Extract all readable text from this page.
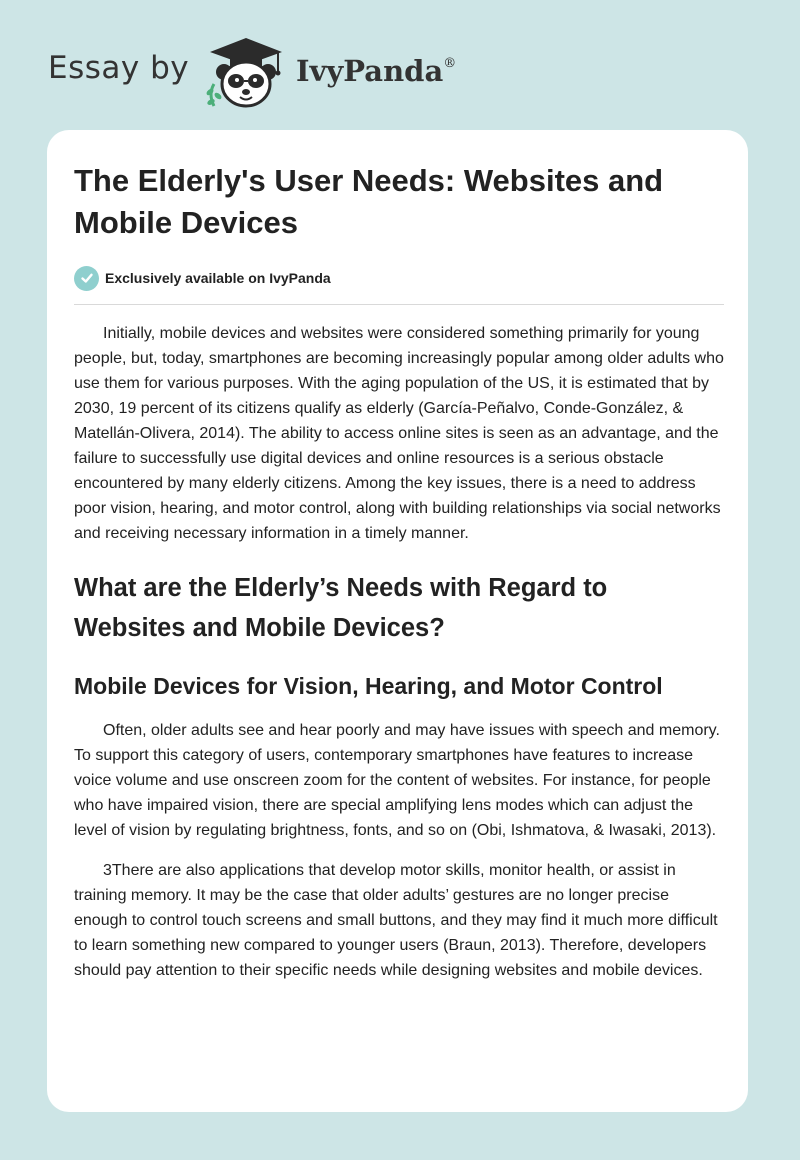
Essay by	IvyPanda®
The Elderly's User Needs: Websites and Mobile Devices
Exclusively available on IvyPanda

Initially, mobile devices and websites were considered something primarily for young people, but, today, smartphones are becoming increasingly popular among older adults who use them for various purposes. With the aging population of the US, it is estimated that by 2030, 19 percent of its citizens qualify as elderly (García-Peñalvo, Conde-González, & Matellán-Olivera, 2014). The ability to access online sites is seen as an advantage, and the failure to successfully use digital devices and online resources is a serious obstacle encountered by many elderly citizens. Among the key issues, there is a need to address poor vision, hearing, and motor control, along with building relationships via social networks and receiving necessary information in a timely manner.

What are the Elderly’s Needs with Regard to Websites and Mobile Devices?
Mobile Devices for Vision, Hearing, and Motor Control

Often, older adults see and hear poorly and may have issues with speech and memory. To support this category of users, contemporary smartphones have features to increase voice volume and use onscreen zoom for the content of websites. For instance, for people who have impaired vision, there are special amplifying lens modes which can adjust the level of vision by regulating brightness, fonts, and so on (Obi, Ishmatova, & Iwasaki, 2013).

3There are also applications that develop motor skills, monitor health, or assist in training memory. It may be the case that older adults’ gestures are no longer precise enough to control touch screens and small buttons, and they may find it much more difficult to learn something new compared to younger users (Braun, 2013). Therefore, developers should pay attention to their specific needs while designing websites and mobile devices.
